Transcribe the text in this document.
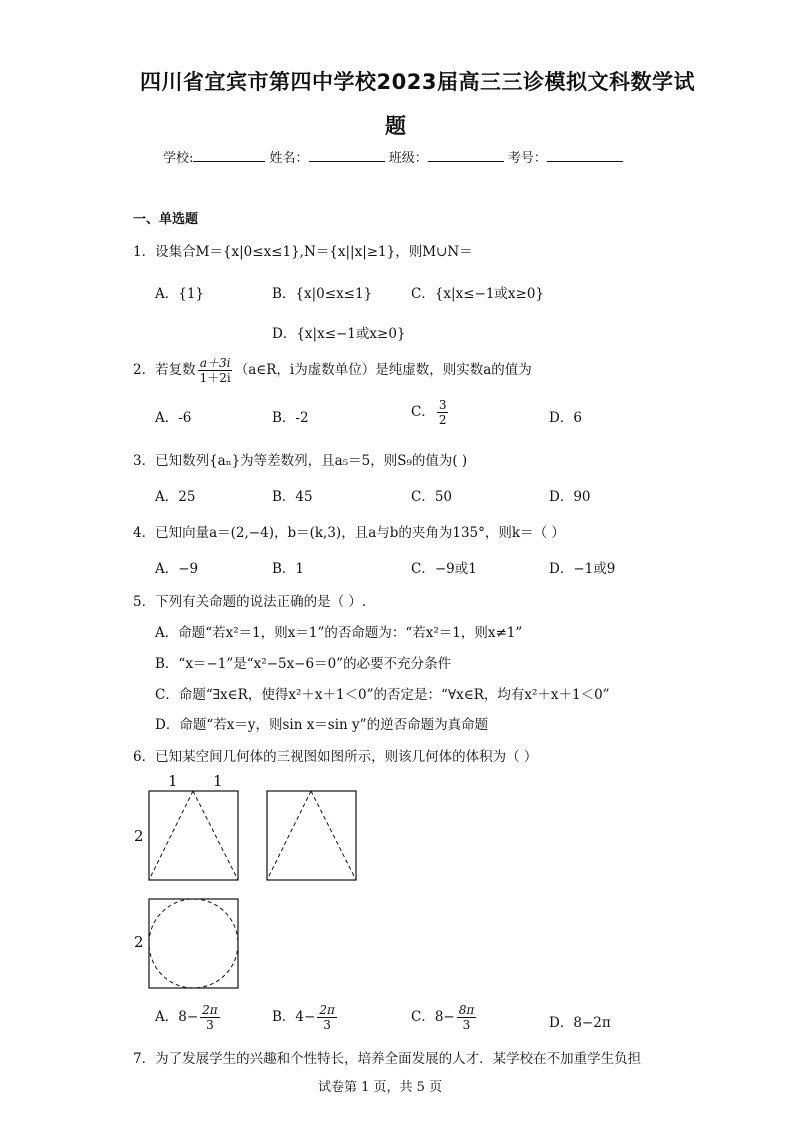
四川省宜宾市第四中学校2023届高三三诊模拟文科数学试
题
学校:	姓名：	班级：	考号：
一、单选题
1．设集合M＝{x|0≤x≤1},N＝{x||x|≥1}，则M∪N＝
A．{1}	B．{x|0≤x≤1}	C．{x|x≤−1或x≥0}
D．{x|x≤−1或x≥0}
2．若复数 $\frac{a+3i}{1+2i}$ （a∈R，i为虚数单位）是纯虚数，则实数a的值为
A．-6	B．-2	C． $\frac{3}{2}$	D．6
3．已知数列{aₙ}为等差数列，且a₅＝5，则S₉的值为( )
A．25	B．45	C．50	D．90
4．已知向量a＝(2,−4)，b＝(k,3)，且a与b的夹角为135°，则k＝（ ）
A．−9	B．1	C．−9或1	D．−1或9
5．下列有关命题的说法正确的是（ ）.
A．命题“若x²＝1，则x＝1”的否命题为：“若x²＝1，则x≠1”
B．“x＝−1”是“x²−5x−6＝0”的必要不充分条件
C．命题“∃x∈R，使得x²＋x＋1＜0”的否定是：“∀x∈R，均有x²＋x＋1＜0”
D．命题“若x＝y，则sin x＝sin y”的逆否命题为真命题
6．已知某空间几何体的三视图如图所示，则该几何体的体积为（ ）
1 1
2
2
A．$8- \frac{2\pi}{3}$	B．$4- \frac{2\pi}{3}$	C．$8- \frac{8\pi}{3}$	D．8−2π
7．为了发展学生的兴趣和个性特长，培养全面发展的人才．某学校在不加重学生负担
试卷第 1 页，共 5 页
